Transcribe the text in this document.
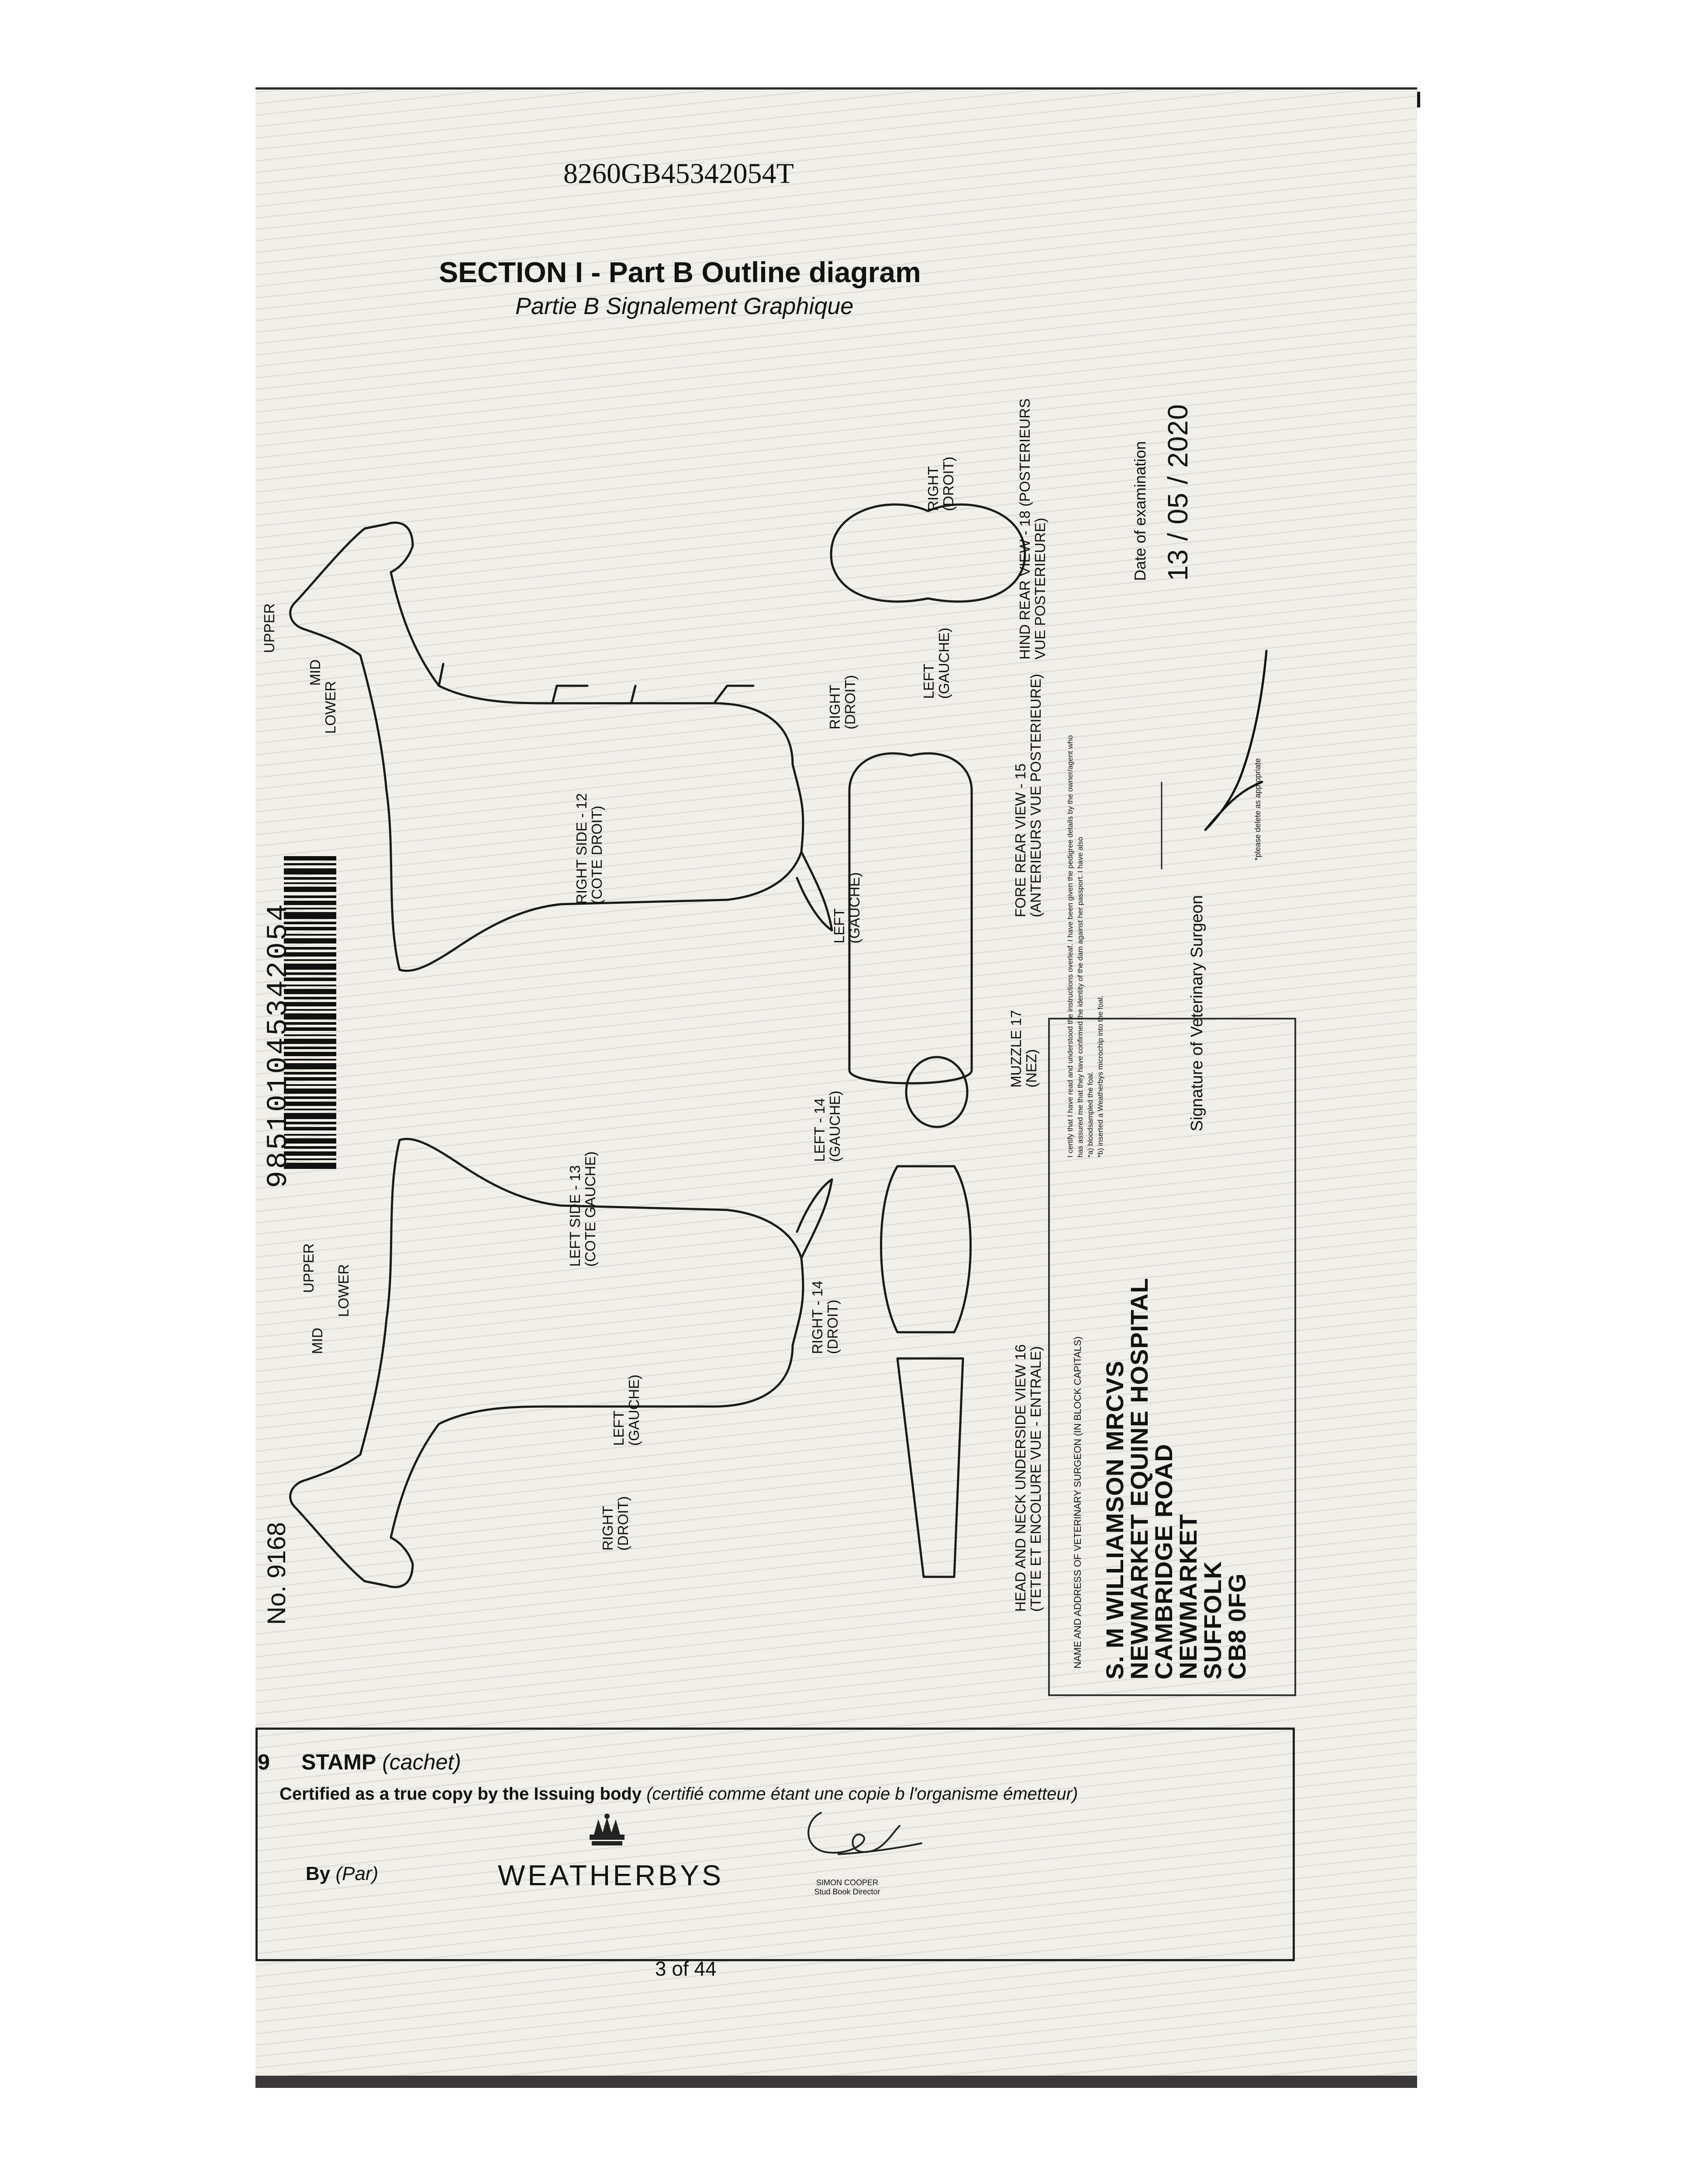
8260GB45342054T
SECTION I - Part B Outline diagram
Partie B Signalement Graphique
UPPER
MID
LOWER
UPPER
MID
LOWER
RIGHT SIDE - 12
(COTE DROIT)
LEFT SIDE - 13
(COTE GAUCHE)
RIGHT
(DROIT)
LEFT
(GAUCHE)
HIND REAR VIEW - 18 (POSTERIEURS
VUE POSTERIEURE)
RIGHT
(DROIT)
LEFT
(GAUCHE)	FORE REAR VIEW - 15
(ANTERIEURS VUE POSTERIEURE)
LEFT - 14
(GAUCHE)
RIGHT - 14
(DROIT)
MUZZLE 17
(NEZ)
LEFT
(GAUCHE)
RIGHT
(DROIT)	HEAD AND NECK UNDERSIDE VIEW 16
(TETE ET ENCOLURE VUE - ENTRALE)
985101045342054
No. 9168	NAME AND ADDRESS OF VETERINARY SURGEON (IN BLOCK CAPITALS) S. M WILLIAMSON MRCVS
NEWMARKET EQUINE HOSPITAL
CAMBRIDGE ROAD
NEWMARKET
SUFFOLK
CB8 0FG
I certify that I have read and understood the instructions overleaf. I have been given the pedigree details by the owner/agent who has assured me that they have confirmed the identity of the dam against her passport. I have also *a) bloodsampled the foal. *b) inserted a Weatherbys microchip into the foal.	Signature of Veterinary Surgeon
*please delete as appropriate
Date of examination 13 / 05 / 2020
9 STAMP (cachet)
Certified as a true copy by the Issuing body (certifié comme étant une copie b l'organisme émetteur)
By (Par)	WEATHERBYS	SIMON COOPER
Stud Book Director
3 of 44
